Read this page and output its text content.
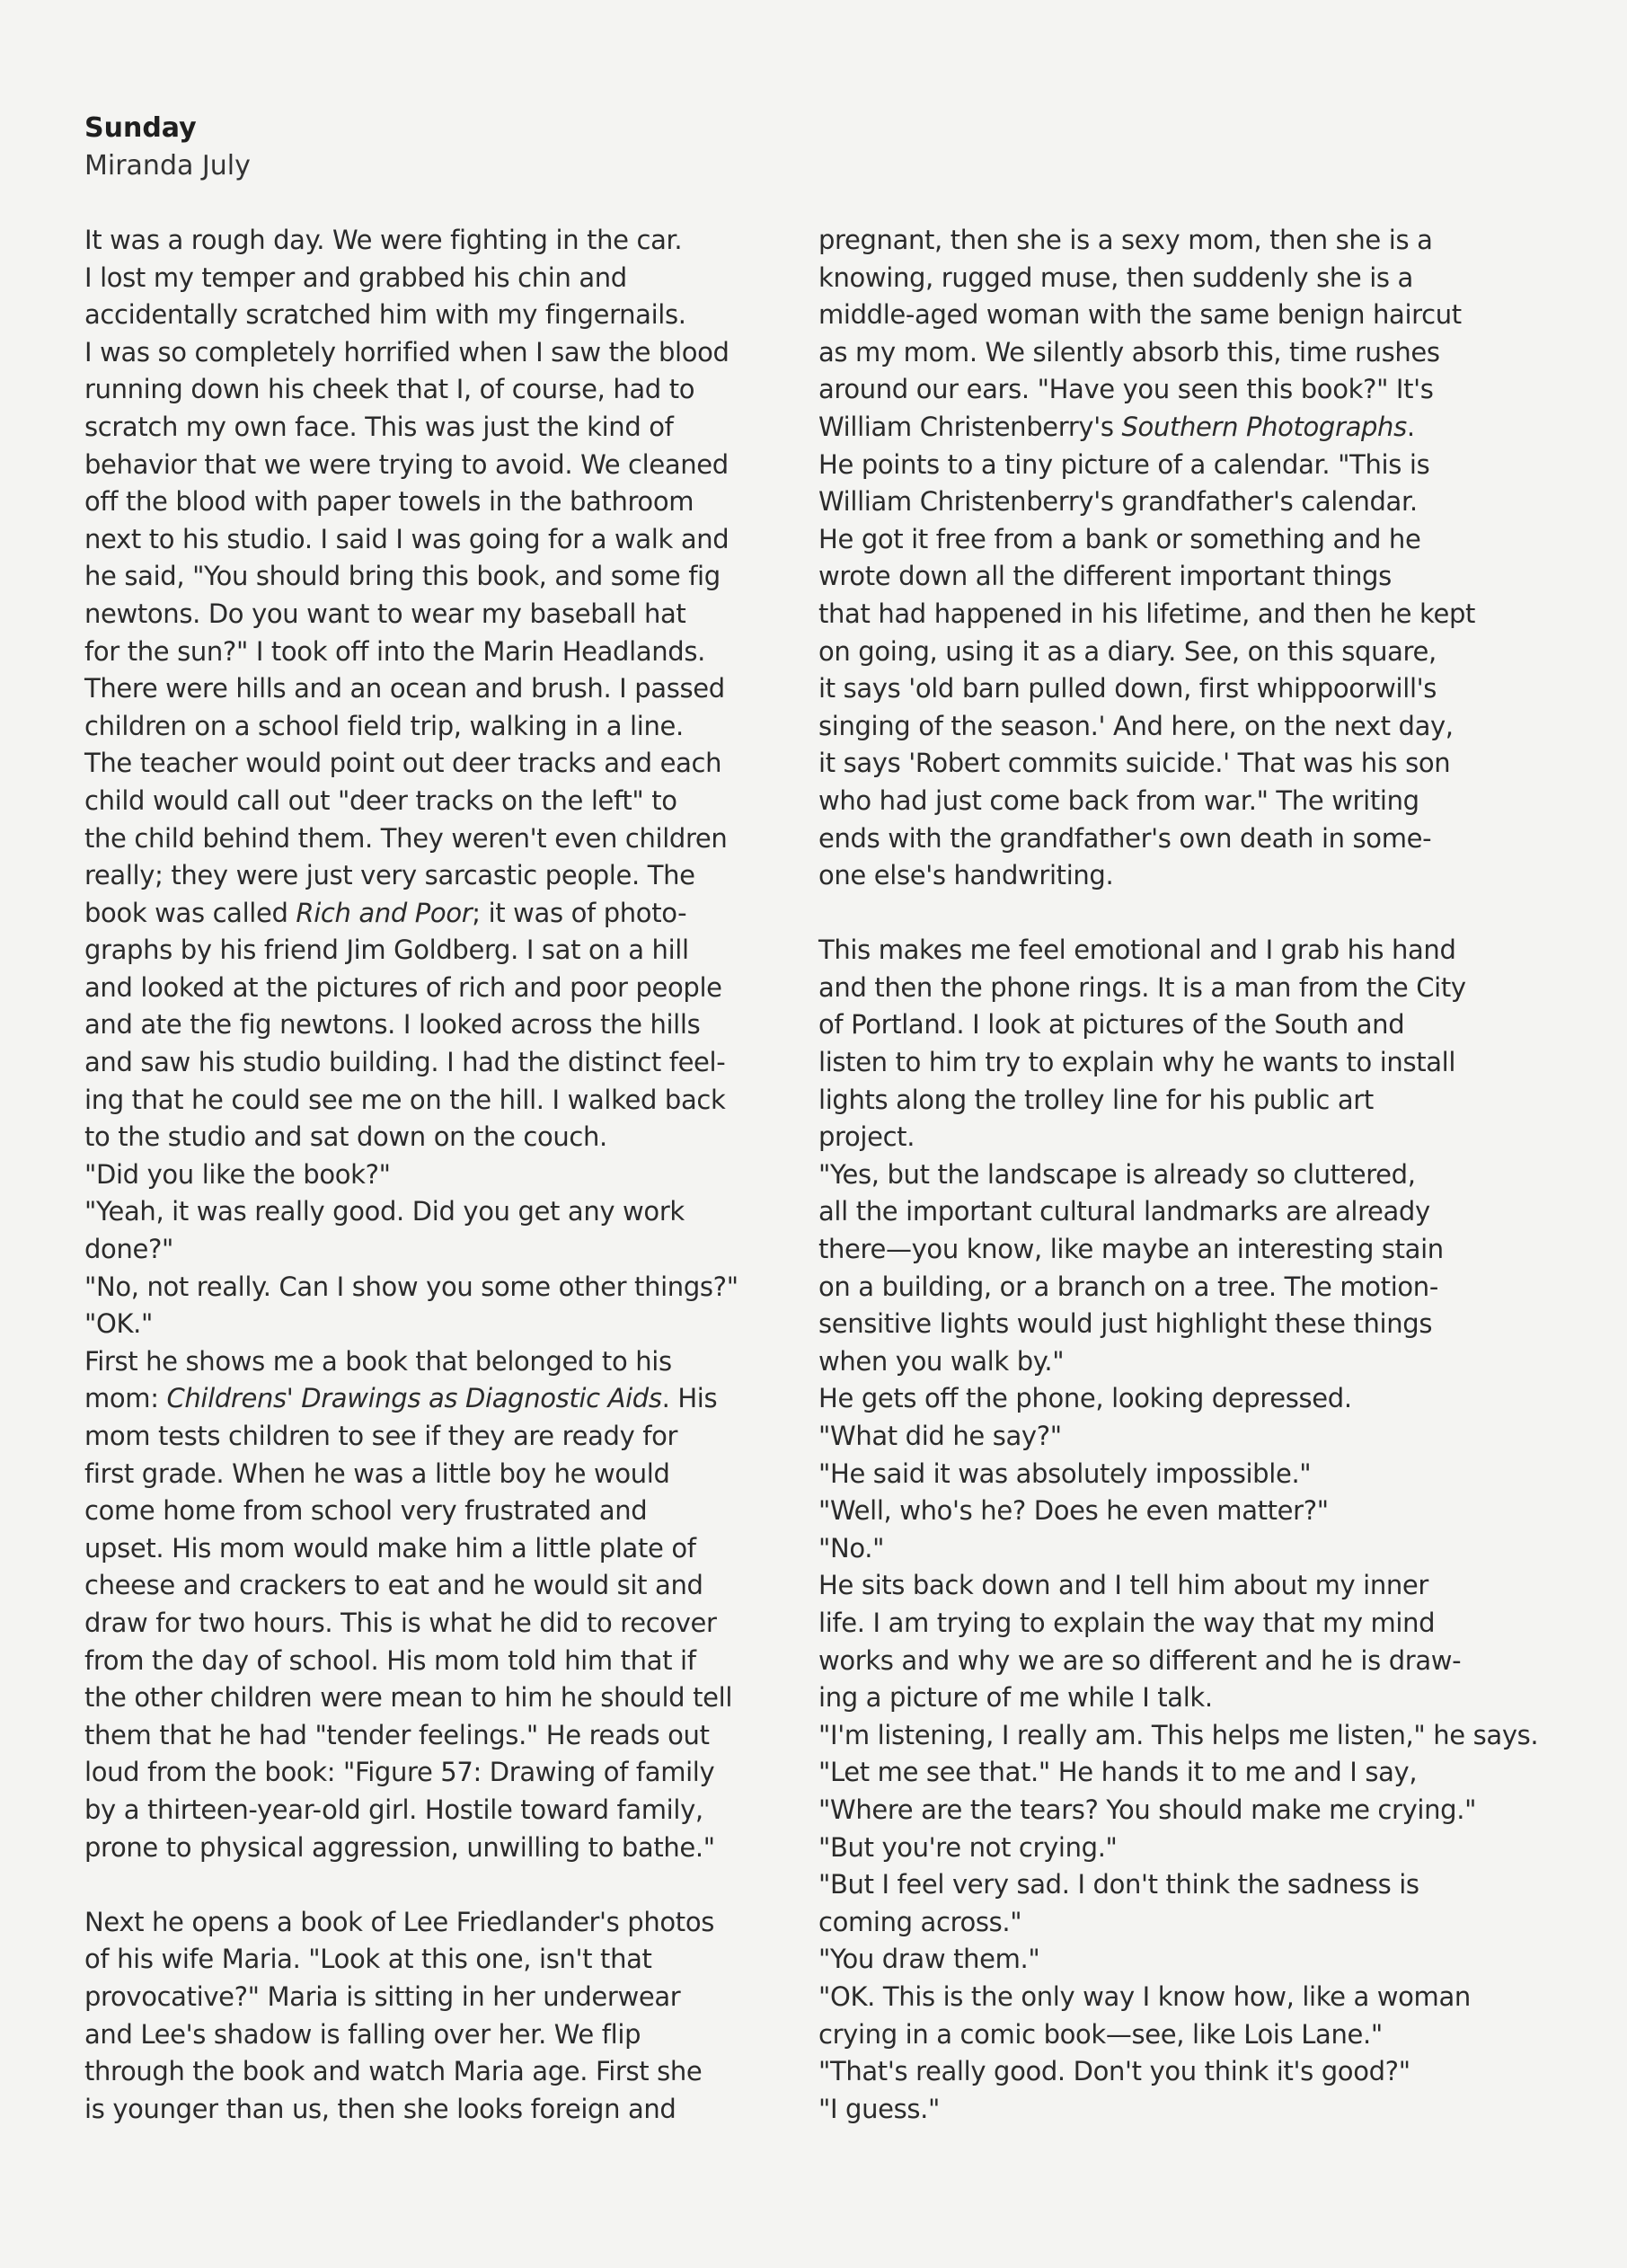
Sunday
Miranda July
It was a rough day. We were fighting in the car.
I lost my temper and grabbed his chin and
accidentally scratched him with my fingernails.
I was so completely horrified when I saw the blood
running down his cheek that I, of course, had to
scratch my own face. This was just the kind of
behavior that we were trying to avoid. We cleaned
off the blood with paper towels in the bathroom
next to his studio. I said I was going for a walk and
he said, "You should bring this book, and some fig
newtons. Do you want to wear my baseball hat
for the sun?" I took off into the Marin Headlands.
There were hills and an ocean and brush. I passed
children on a school field trip, walking in a line.
The teacher would point out deer tracks and each
child would call out "deer tracks on the left" to
the child behind them. They weren't even children
really; they were just very sarcastic people. The
book was called Rich and Poor; it was of photo-
graphs by his friend Jim Goldberg. I sat on a hill
and looked at the pictures of rich and poor people
and ate the fig newtons. I looked across the hills
and saw his studio building. I had the distinct feel-
ing that he could see me on the hill. I walked back
to the studio and sat down on the couch.
"Did you like the book?"
"Yeah, it was really good. Did you get any work
done?"
"No, not really. Can I show you some other things?"
"OK."
First he shows me a book that belonged to his
mom: Childrens' Drawings as Diagnostic Aids. His
mom tests children to see if they are ready for
first grade. When he was a little boy he would
come home from school very frustrated and
upset. His mom would make him a little plate of
cheese and crackers to eat and he would sit and
draw for two hours. This is what he did to recover
from the day of school. His mom told him that if
the other children were mean to him he should tell
them that he had "tender feelings." He reads out
loud from the book: "Figure 57: Drawing of family
by a thirteen-year-old girl. Hostile toward family,
prone to physical aggression, unwilling to bathe."
Next he opens a book of Lee Friedlander's photos
of his wife Maria. "Look at this one, isn't that
provocative?" Maria is sitting in her underwear
and Lee's shadow is falling over her. We flip
through the book and watch Maria age. First she
is younger than us, then she looks foreign and
pregnant, then she is a sexy mom, then she is a
knowing, rugged muse, then suddenly she is a
middle-aged woman with the same benign haircut
as my mom. We silently absorb this, time rushes
around our ears. "Have you seen this book?" It's
William Christenberry's Southern Photographs.
He points to a tiny picture of a calendar. "This is
William Christenberry's grandfather's calendar.
He got it free from a bank or something and he
wrote down all the different important things
that had happened in his lifetime, and then he kept
on going, using it as a diary. See, on this square,
it says 'old barn pulled down, first whippoorwill's
singing of the season.' And here, on the next day,
it says 'Robert commits suicide.' That was his son
who had just come back from war." The writing
ends with the grandfather's own death in some-
one else's handwriting.
This makes me feel emotional and I grab his hand
and then the phone rings. It is a man from the City
of Portland. I look at pictures of the South and
listen to him try to explain why he wants to install
lights along the trolley line for his public art
project.
"Yes, but the landscape is already so cluttered,
all the important cultural landmarks are already
there—you know, like maybe an interesting stain
on a building, or a branch on a tree. The motion-
sensitive lights would just highlight these things
when you walk by."
He gets off the phone, looking depressed.
"What did he say?"
"He said it was absolutely impossible."
"Well, who's he? Does he even matter?"
"No."
He sits back down and I tell him about my inner
life. I am trying to explain the way that my mind
works and why we are so different and he is draw-
ing a picture of me while I talk.
"I'm listening, I really am. This helps me listen," he says.
"Let me see that." He hands it to me and I say,
"Where are the tears? You should make me crying."
"But you're not crying."
"But I feel very sad. I don't think the sadness is
coming across."
"You draw them."
"OK. This is the only way I know how, like a woman
crying in a comic book—see, like Lois Lane."
"That's really good. Don't you think it's good?"
"I guess."
